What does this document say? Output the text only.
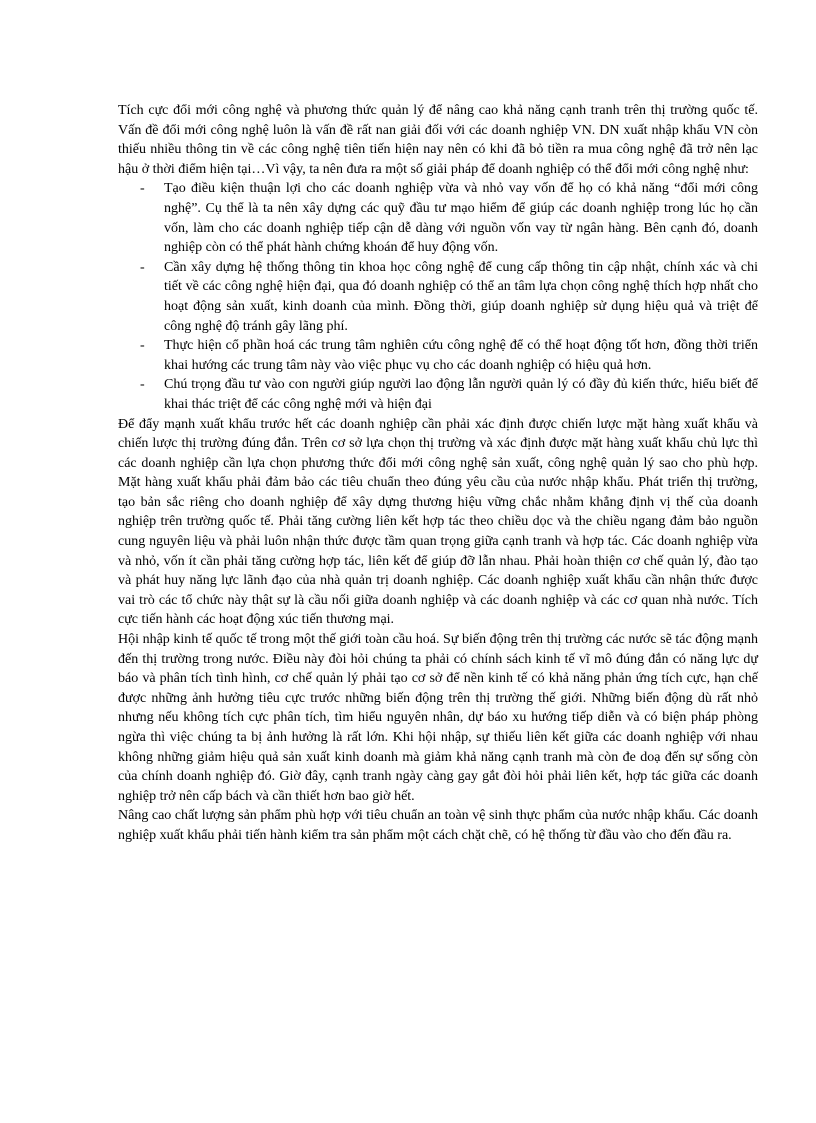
Tích cực đổi mới công nghệ và phương thức quản lý để nâng cao khả năng cạnh tranh trên thị trường quốc tế. Vấn đề đổi mới công nghệ luôn là vấn đề rất nan giải đối với các doanh nghiệp VN. DN xuất nhập khẩu VN còn thiếu nhiều thông tin về các công nghệ tiên tiến hiện nay nên có khi đã bỏ tiền ra mua công nghệ đã trở nên lạc hậu ở thời điểm hiện tại…Vì vậy, ta nên đưa ra một số giải pháp để doanh nghiệp có thể đổi mới công nghệ như:

- Tạo điều kiện thuận lợi cho các doanh nghiệp vừa và nhỏ vay vốn để họ có khả năng “đổi mới công nghệ”. Cụ thể là ta nên xây dựng các quỹ đầu tư mạo hiểm để giúp các doanh nghiệp trong lúc họ cần vốn, làm cho các doanh nghiệp tiếp cận dễ dàng với nguồn vốn vay từ ngân hàng. Bên cạnh đó, doanh nghiệp còn có thể phát hành chứng khoán để huy động vốn.
- Cần xây dựng hệ thống thông tin khoa học công nghệ để cung cấp thông tin cập nhật, chính xác và chi tiết về các công nghệ hiện đại, qua đó doanh nghiệp có thể an tâm lựa chọn công nghệ thích hợp nhất cho hoạt động sản xuất, kinh doanh của mình. Đồng thời, giúp doanh nghiệp sử dụng hiệu quả và triệt để công nghệ độ tránh gây lãng phí.
- Thực hiện cổ phần hoá các trung tâm nghiên cứu công nghệ để có thể hoạt động tốt hơn, đồng thời triển khai hướng các trung tâm này vào việc phục vụ cho các doanh nghiệp có hiệu quả hơn.
- Chú trọng đầu tư vào con người giúp người lao động lẫn người quản lý có đầy đủ kiến thức, hiểu biết để khai thác triệt để các công nghệ mới và hiện đại

Để đẩy mạnh xuất khẩu trước hết các doanh nghiệp cần phải xác định được chiến lược mặt hàng xuất khẩu và chiến lược thị trường đúng đắn. Trên cơ sở lựa chọn thị trường và xác định được mặt hàng xuất khẩu chủ lực thì các doanh nghiệp cần lựa chọn phương thức đổi mới công nghệ sản xuất, công nghệ quản lý sao cho phù hợp. Mặt hàng xuất khẩu phải đảm bảo các tiêu chuẩn theo đúng yêu cầu của nước nhập khẩu. Phát triển thị trường, tạo bản sắc riêng cho doanh nghiệp để xây dựng thương hiệu vững chắc nhằm khẳng định vị thế của doanh nghiệp trên trường quốc tế. Phải tăng cường liên kết hợp tác theo chiều dọc và the chiều ngang đảm bảo nguồn cung nguyên liệu và phải luôn nhận thức được tầm quan trọng giữa cạnh tranh và hợp tác. Các doanh nghiệp vừa và nhỏ, vốn ít cần phải tăng cường hợp tác, liên kết để giúp đỡ lẫn nhau. Phải hoàn thiện cơ chế quản lý, đào tạo và phát huy năng lực lãnh đạo của nhà quản trị doanh nghiệp. Các doanh nghiệp xuất khẩu cần nhận thức được vai trò các tổ chức này thật sự là cầu nối giữa doanh nghiệp và các doanh nghiệp và các cơ quan nhà nước. Tích cực tiến hành các hoạt động xúc tiến thương mại.

Hội nhập kinh tế quốc tế trong một thế giới toàn cầu hoá. Sự biến động trên thị trường các nước sẽ tác động mạnh đến thị trường trong nước. Điều này đòi hỏi chúng ta phải có chính sách kinh tế vĩ mô đúng đắn có năng lực dự báo và phân tích tình hình, cơ chế quản lý phải tạo cơ sở để nền kinh tế có khả năng phản ứng tích cực, hạn chế được những ảnh hưởng tiêu cực trước những biến động trên thị trường thế giới. Những biến động dù rất nhỏ nhưng nếu không tích cực phân tích, tìm hiểu nguyên nhân, dự báo xu hướng tiếp diễn và có biện pháp phòng ngừa thì việc chúng ta bị ảnh hưởng là rất lớn. Khi hội nhập, sự thiếu liên kết giữa các doanh nghiệp với nhau không những giảm hiệu quả sản xuất kinh doanh mà giảm khả năng cạnh tranh mà còn đe doạ đến sự sống còn của chính doanh nghiệp đó. Giờ đây, cạnh tranh ngày càng gay gắt đòi hỏi phải liên kết, hợp tác giữa các doanh nghiệp trở nên cấp bách và cần thiết hơn bao giờ hết.

Nâng cao chất lượng sản phẩm phù hợp với tiêu chuẩn an toàn vệ sinh thực phẩm của nước nhập khẩu. Các doanh nghiệp xuất khẩu phải tiến hành kiểm tra sản phẩm một cách chặt chẽ, có hệ thống từ đầu vào cho đến đầu ra.
